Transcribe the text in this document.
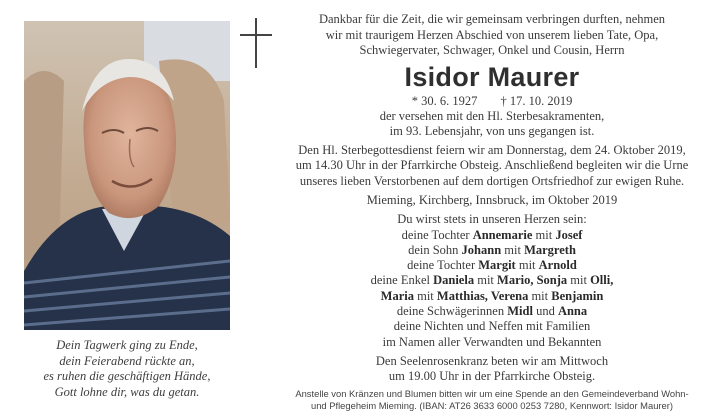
Dein Tagwerk ging zu Ende,
dein Feierabend rückte an,
es ruhen die geschäftigen Hände,
Gott lohne dir, was du getan.
Dankbar für die Zeit, die wir gemeinsam verbringen durften, nehmen
wir mit traurigem Herzen Abschied von unserem lieben Tate, Opa,
Schwiegervater, Schwager, Onkel und Cousin, Herrn
Isidor Maurer
* 30. 6. 1927 † 17. 10. 2019
der versehen mit den Hl. Sterbesakramenten,
im 93. Lebensjahr, von uns gegangen ist.
Den Hl. Sterbegottesdienst feiern wir am Donnerstag, dem 24. Oktober 2019,
um 14.30 Uhr in der Pfarrkirche Obsteig. Anschließend begleiten wir die Urne
unseres lieben Verstorbenen auf dem dortigen Ortsfriedhof zur ewigen Ruhe.
Mieming, Kirchberg, Innsbruck, im Oktober 2019
Du wirst stets in unseren Herzen sein:
deine Tochter Annemarie mit Josef
dein Sohn Johann mit Margreth
deine Tochter Margit mit Arnold
deine Enkel Daniela mit Mario, Sonja mit Olli,
Maria mit Matthias, Verena mit Benjamin
deine Schwägerinnen Midl und Anna
deine Nichten und Neffen mit Familien
im Namen aller Verwandten und Bekannten
Den Seelenrosenkranz beten wir am Mittwoch
um 19.00 Uhr in der Pfarrkirche Obsteig.
Anstelle von Kränzen und Blumen bitten wir um eine Spende an den Gemeindeverband Wohn-
und Pflegeheim Mieming. (IBAN: AT26 3633 6000 0253 7280, Kennwort: Isidor Maurer)
